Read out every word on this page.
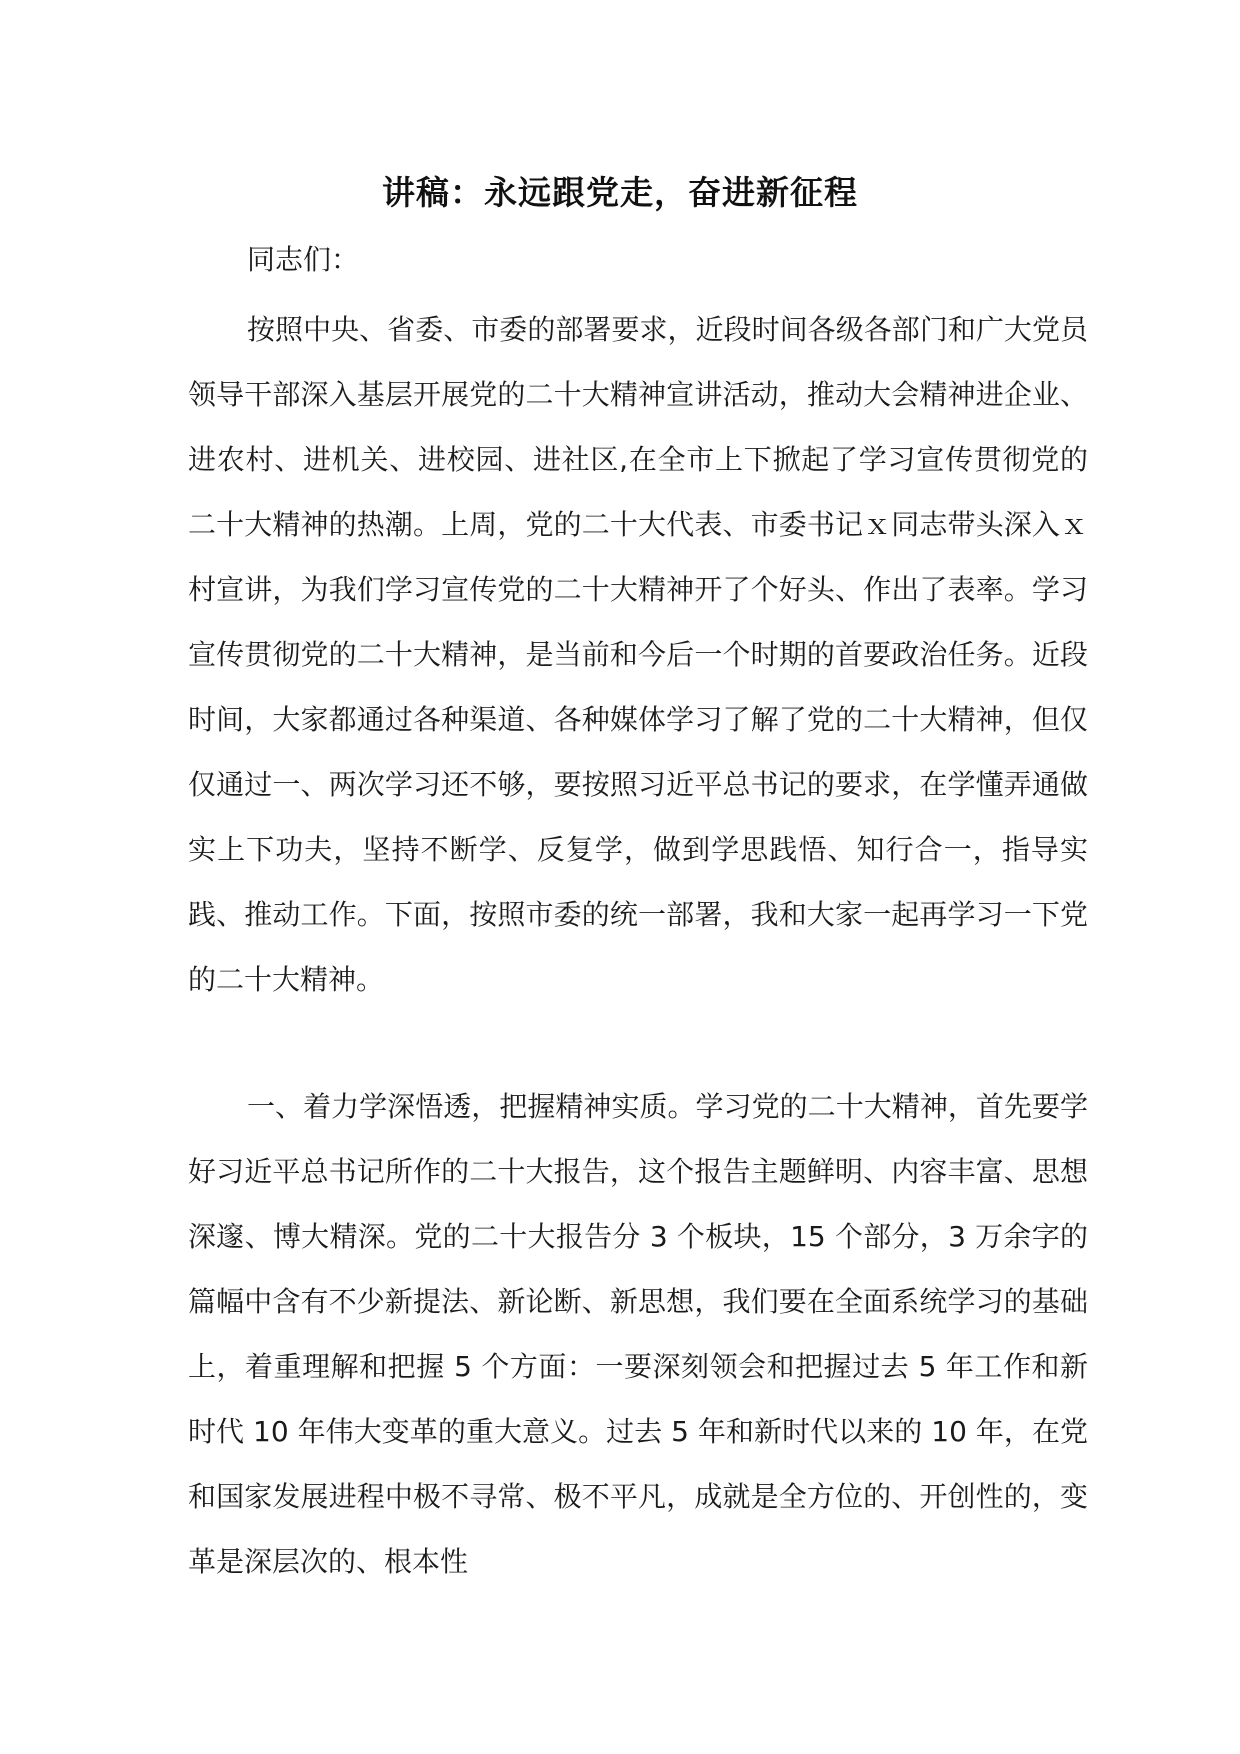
讲稿：永远跟党走，奋进新征程
同志们：

按照中央、省委、市委的部署要求，近段时间各级各部门和广大党员领导干部深入基层开展党的二十大精神宣讲活动，推动大会精神进企业、进农村、进机关、进校园、进社区,在全市上下掀起了学习宣传贯彻党的二十大精神的热潮。上周，党的二十大代表、市委书记ｘ同志带头深入ｘ村宣讲，为我们学习宣传党的二十大精神开了个好头、作出了表率。学习宣传贯彻党的二十大精神，是当前和今后一个时期的首要政治任务。近段时间，大家都通过各种渠道、各种媒体学习了解了党的二十大精神，但仅仅通过一、两次学习还不够，要按照习近平总书记的要求，在学懂弄通做实上下功夫，坚持不断学、反复学，做到学思践悟、知行合一，指导实践、推动工作。下面，按照市委的统一部署，我和大家一起再学习一下党的二十大精神。

一、着力学深悟透，把握精神实质。学习党的二十大精神，首先要学好习近平总书记所作的二十大报告，这个报告主题鲜明、内容丰富、思想深邃、博大精深。党的二十大报告分 3 个板块，15 个部分，3 万余字的篇幅中含有不少新提法、新论断、新思想，我们要在全面系统学习的基础上，着重理解和把握 5 个方面：一要深刻领会和把握过去 5 年工作和新时代 10 年伟大变革的重大意义。过去 5 年和新时代以来的 10 年，在党和国家发展进程中极不寻常、极不平凡，成就是全方位的、开创性的，变革是深层次的、根本性
